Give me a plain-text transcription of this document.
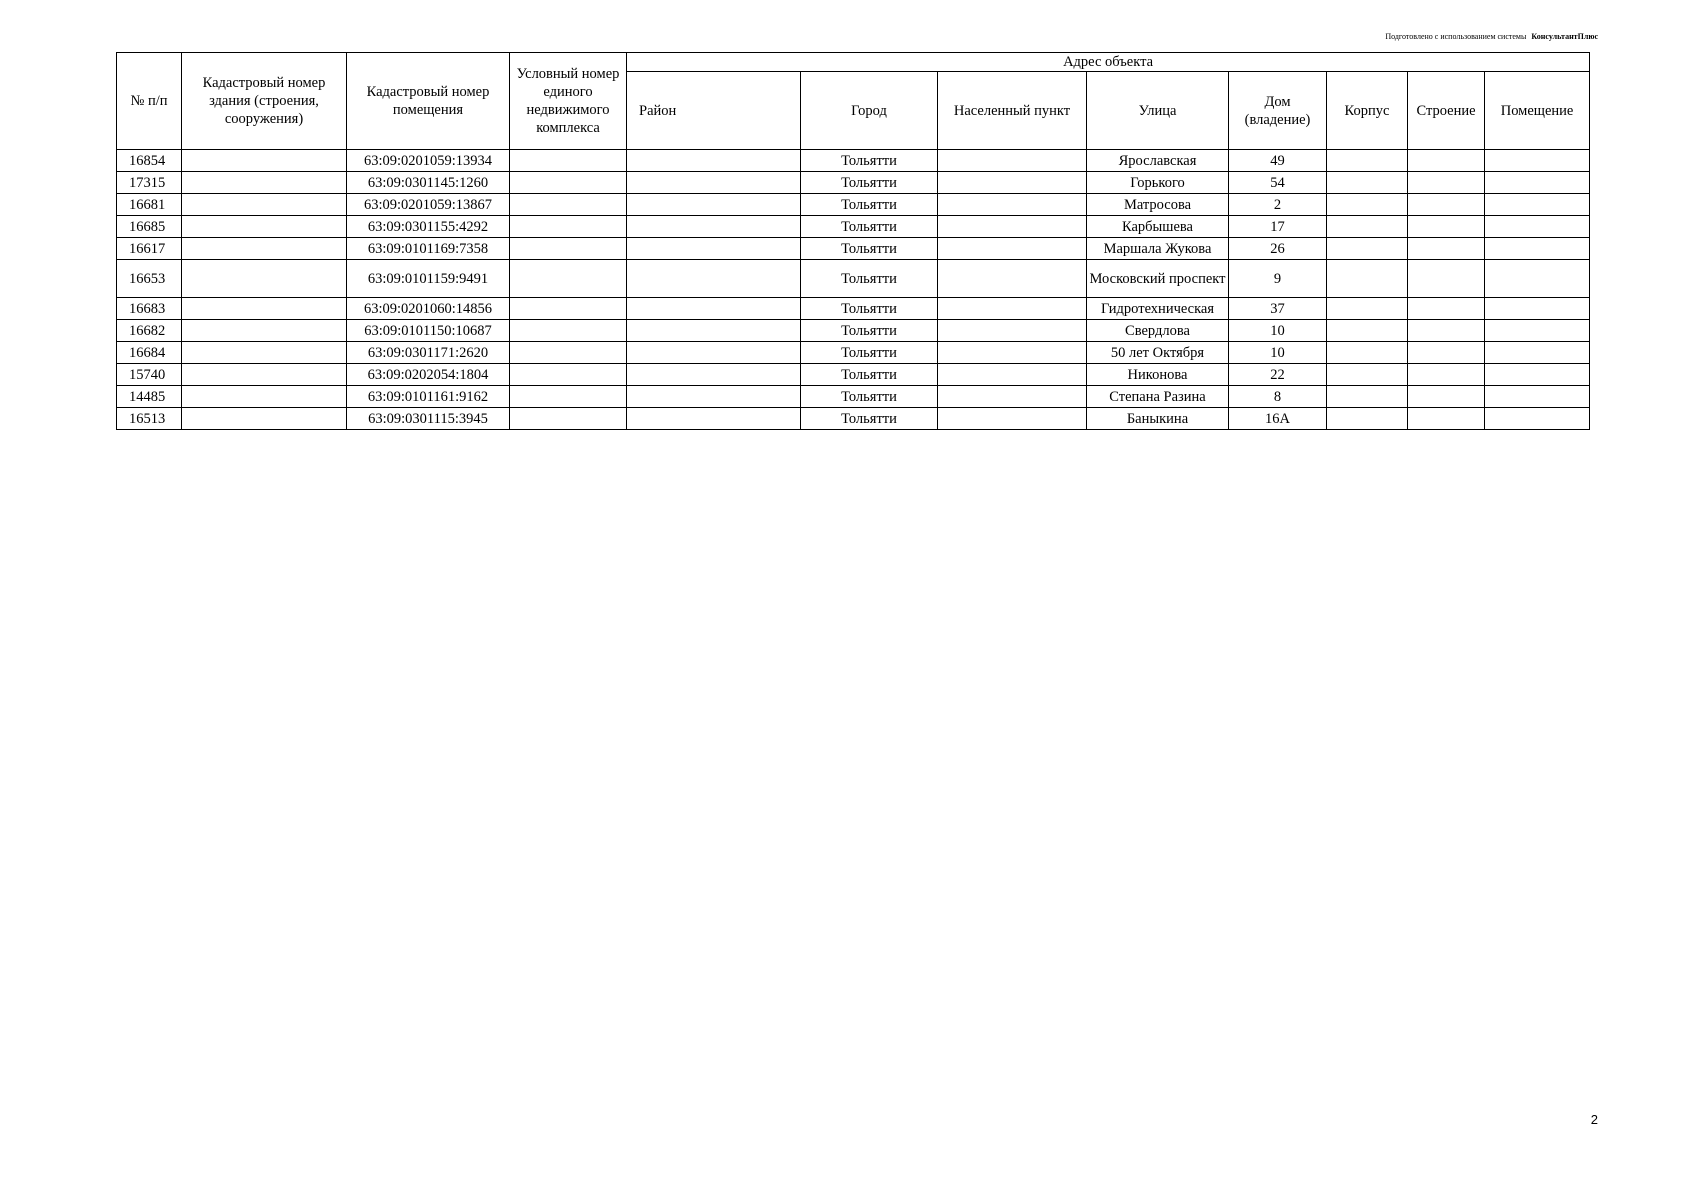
Подготовлено с использованием системы КонсультантПлюс
№ п/п	Кадастровый номер здания (строения, сооружения)	Кадастровый номер помещения	Условный номер единого недвижимого комплекса	Адрес объекта							
				Район	Город	Населенный пункт	Улица	Дом (владение)	Корпус	Строение	Помещение
16854		63:09:0201059:13934			Тольятти		Ярославская	49			
17315		63:09:0301145:1260			Тольятти		Горького	54			
16681		63:09:0201059:13867			Тольятти		Матросова	2			
16685		63:09:0301155:4292			Тольятти		Карбышева	17			
16617		63:09:0101169:7358			Тольятти		Маршала Жукова	26			
16653		63:09:0101159:9491			Тольятти		Московский проспект	9			
16683		63:09:0201060:14856			Тольятти		Гидротехническая	37			
16682		63:09:0101150:10687			Тольятти		Свердлова	10			
16684		63:09:0301171:2620			Тольятти		50 лет Октября	10			
15740		63:09:0202054:1804			Тольятти		Никонова	22			
14485		63:09:0101161:9162			Тольятти		Степана Разина	8			
16513		63:09:0301115:3945			Тольятти		Баныкина	16А			
2
